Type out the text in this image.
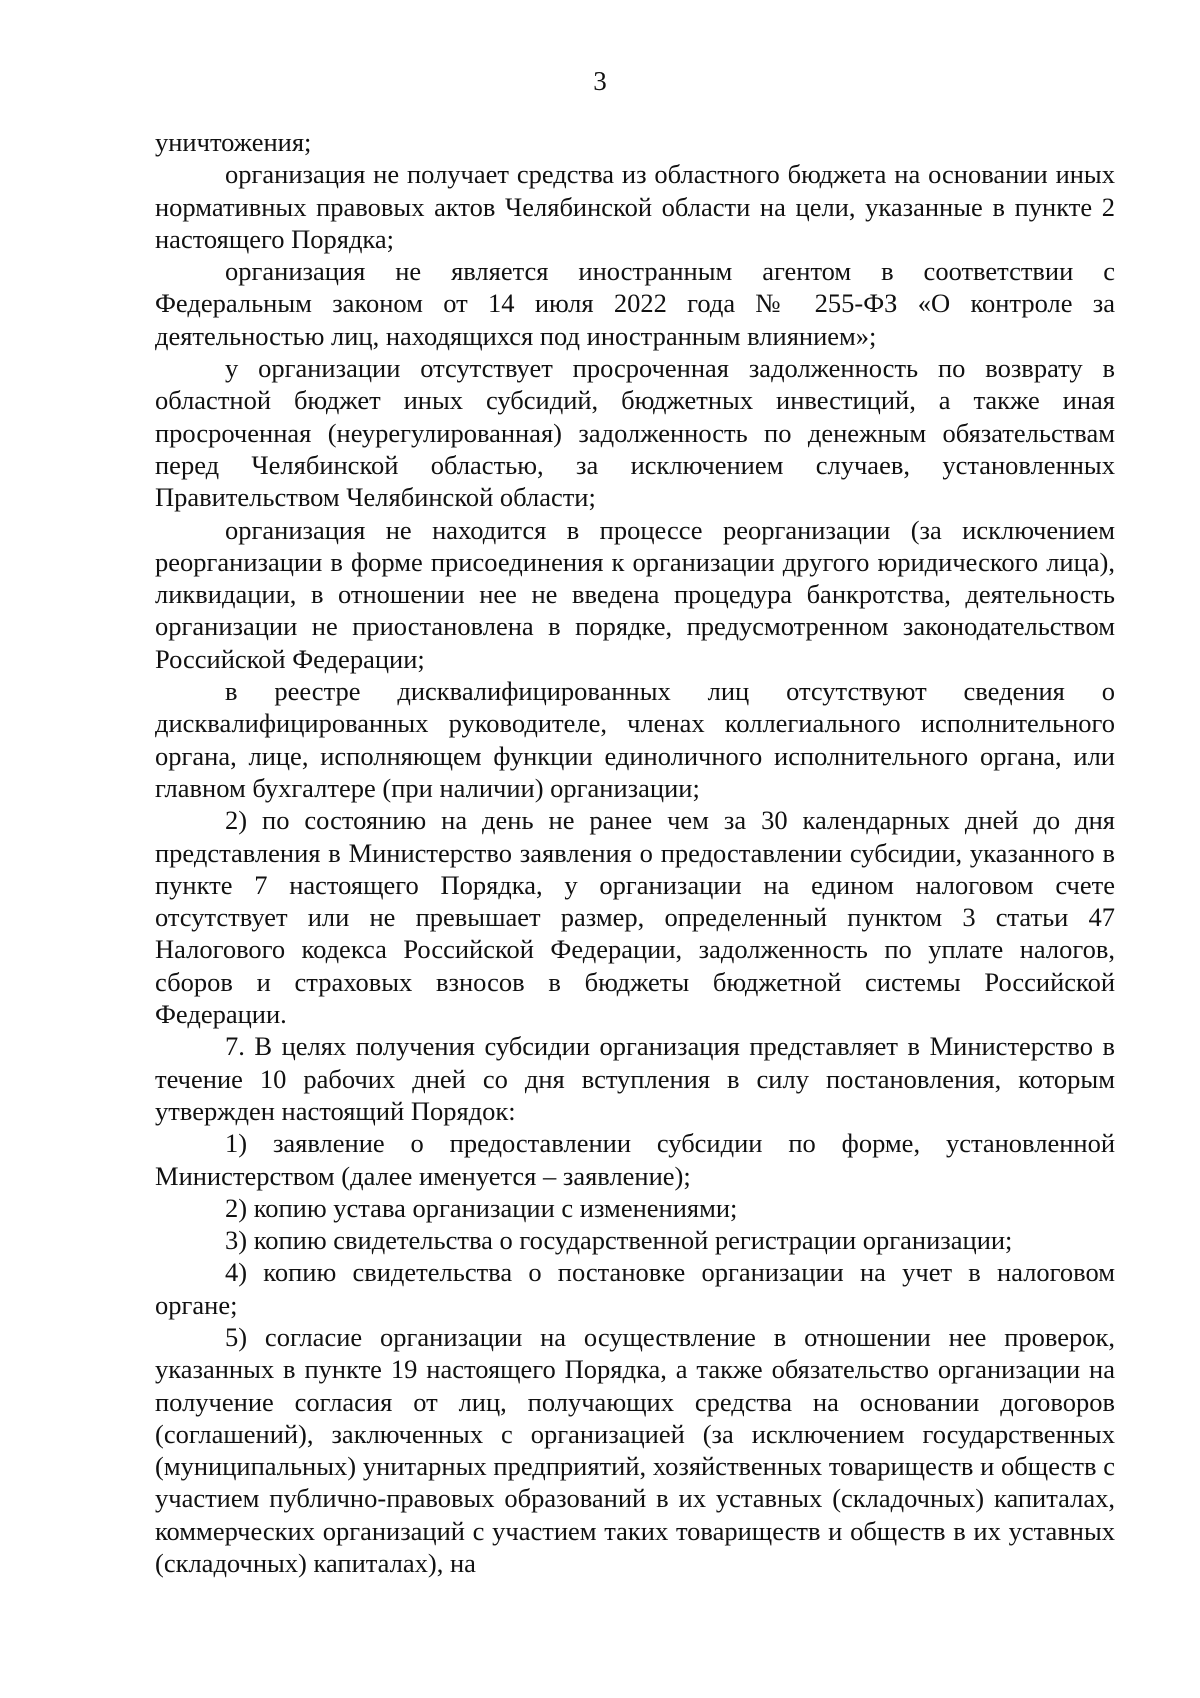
3

уничтожения;

организация не получает средства из областного бюджета на основании иных нормативных правовых актов Челябинской области на цели, указанные в пункте 2 настоящего Порядка;

организация не является иностранным агентом в соответствии с Федеральным законом от 14 июля 2022 года № 255-ФЗ «О контроле за деятельностью лиц, находящихся под иностранным влиянием»;

у организации отсутствует просроченная задолженность по возврату в областной бюджет иных субсидий, бюджетных инвестиций, а также иная просроченная (неурегулированная) задолженность по денежным обязательствам перед Челябинской областью, за исключением случаев, установленных Правительством Челябинской области;

организация не находится в процессе реорганизации (за исключением реорганизации в форме присоединения к организации другого юридического лица), ликвидации, в отношении нее не введена процедура банкротства, деятельность организации не приостановлена в порядке, предусмотренном законодательством Российской Федерации;

в реестре дисквалифицированных лиц отсутствуют сведения о дисквалифицированных руководителе, членах коллегиального исполнительного органа, лице, исполняющем функции единоличного исполнительного органа, или главном бухгалтере (при наличии) организации;

2) по состоянию на день не ранее чем за 30 календарных дней до дня представления в Министерство заявления о предоставлении субсидии, указанного в пункте 7 настоящего Порядка, у организации на едином налоговом счете отсутствует или не превышает размер, определенный пунктом 3 статьи 47 Налогового кодекса Российской Федерации, задолженность по уплате налогов, сборов и страховых взносов в бюджеты бюджетной системы Российской Федерации.

7. В целях получения субсидии организация представляет в Министерство в течение 10 рабочих дней со дня вступления в силу постановления, которым утвержден настоящий Порядок:

1) заявление о предоставлении субсидии по форме, установленной Министерством (далее именуется – заявление);

2) копию устава организации с изменениями;

3) копию свидетельства о государственной регистрации организации;

4) копию свидетельства о постановке организации на учет в налоговом органе;

5) согласие организации на осуществление в отношении нее проверок, указанных в пункте 19 настоящего Порядка, а также обязательство организации на получение согласия от лиц, получающих средства на основании договоров (соглашений), заключенных с организацией (за исключением государственных (муниципальных) унитарных предприятий, хозяйственных товариществ и обществ с участием публично-правовых образований в их уставных (складочных) капиталах, коммерческих организаций с участием таких товариществ и обществ в их уставных (складочных) капиталах), на
